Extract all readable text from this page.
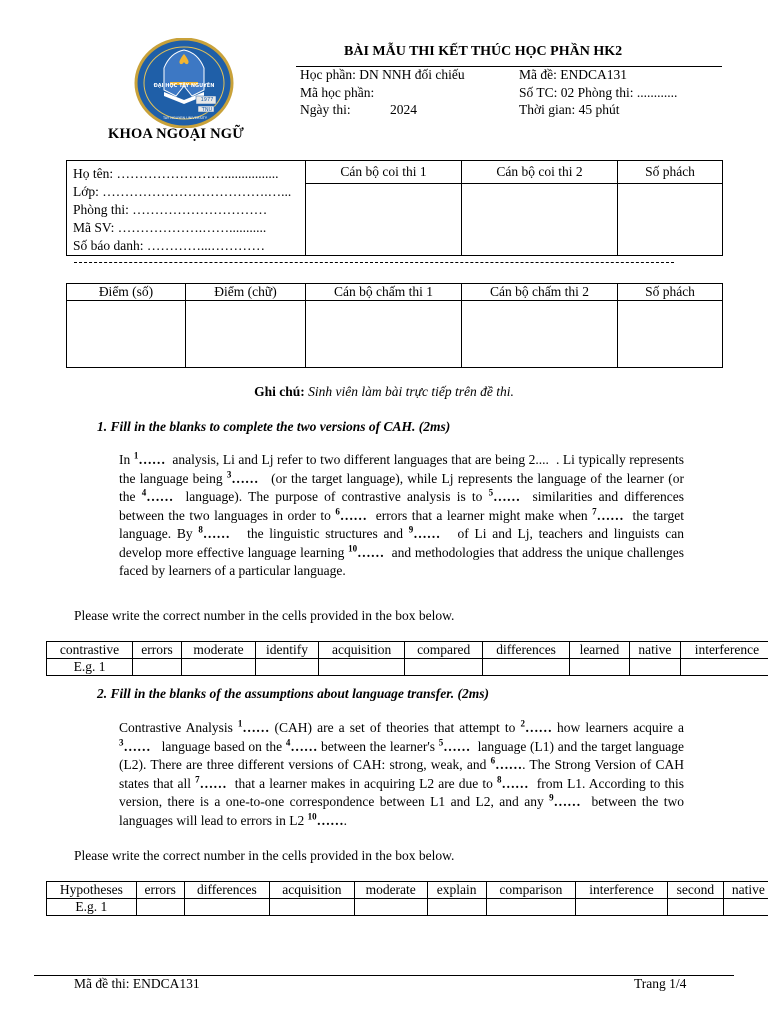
ĐẠI HỌC TÂY NGUYÊN
1977
TNU
TAY NGUYEN UNIVERSITY
KHOA NGOẠI NGỮ
BÀI MẪU THI KẾT THÚC HỌC PHẦN HK2
Học phần: DN NNH đối chiếu	Mã đề: ENDCA131
Mã học phần:	Số TC: 02 Phòng thi: ............
Ngày thi:	2024	Thời gian: 45 phút
Họ tên: ……………………................
Lớp: ……………………………….…...
Phòng thi: …………………………
Mã SV: ……………….……...........
Số báo danh: …………...…………	Cán bộ coi thi 1	Cán bộ coi thi 2	Số phách

Điểm (số)	Điểm (chữ)	Cán bộ chấm thi 1	Cán bộ chấm thi 2	Số phách

Ghi chú: Sinh viên làm bài trực tiếp trên đề thi.
1. Fill in the blanks to complete the two versions of CAH. (2ms)
In $^1$……  analysis, Li and Lj refer to two different languages that are being 2....  . Li typically represents the language being $^3$……   (or the target language), while Lj represents the language of the learner (or the $^4$……  language). The purpose of contrastive analysis is to $^5$……  similarities and differences between the two languages in order to $^6$……  errors that a learner might make when $^7$……  the target language. By $^8$……   the linguistic structures and $^9$……   of Li and Lj, teachers and linguists can develop more effective language learning $^{10}$……  and methodologies that address the unique challenges faced by learners of a particular language.
Please write the correct number in the cells provided in the box below.
contrastive	errors	moderate	identify	acquisition	compared	differences	learned	native	interference
E.g. 1									
2. Fill in the blanks of the assumptions about language transfer. (2ms)
Contrastive Analysis $^1$…… (CAH) are a set of theories that attempt to $^2$…… how learners acquire a $^3$……   language based on the $^4$…… between the learner's $^5$……  language (L1) and the target language (L2). There are three different versions of CAH: strong, weak, and $^6$……. The Strong Version of CAH states that all $^7$……  that a learner makes in acquiring L2 are due to $^8$……  from L1. According to this version, there is a one-to-one correspondence between L1 and L2, and any $^9$……  between the two languages will lead to errors in L2 $^{10}$…….
Please write the correct number in the cells provided in the box below.
Hypotheses	errors	differences	acquisition	moderate	explain	comparison	interference	second	native
E.g. 1									
Mã đề thi: ENDCA131	Trang 1/4
